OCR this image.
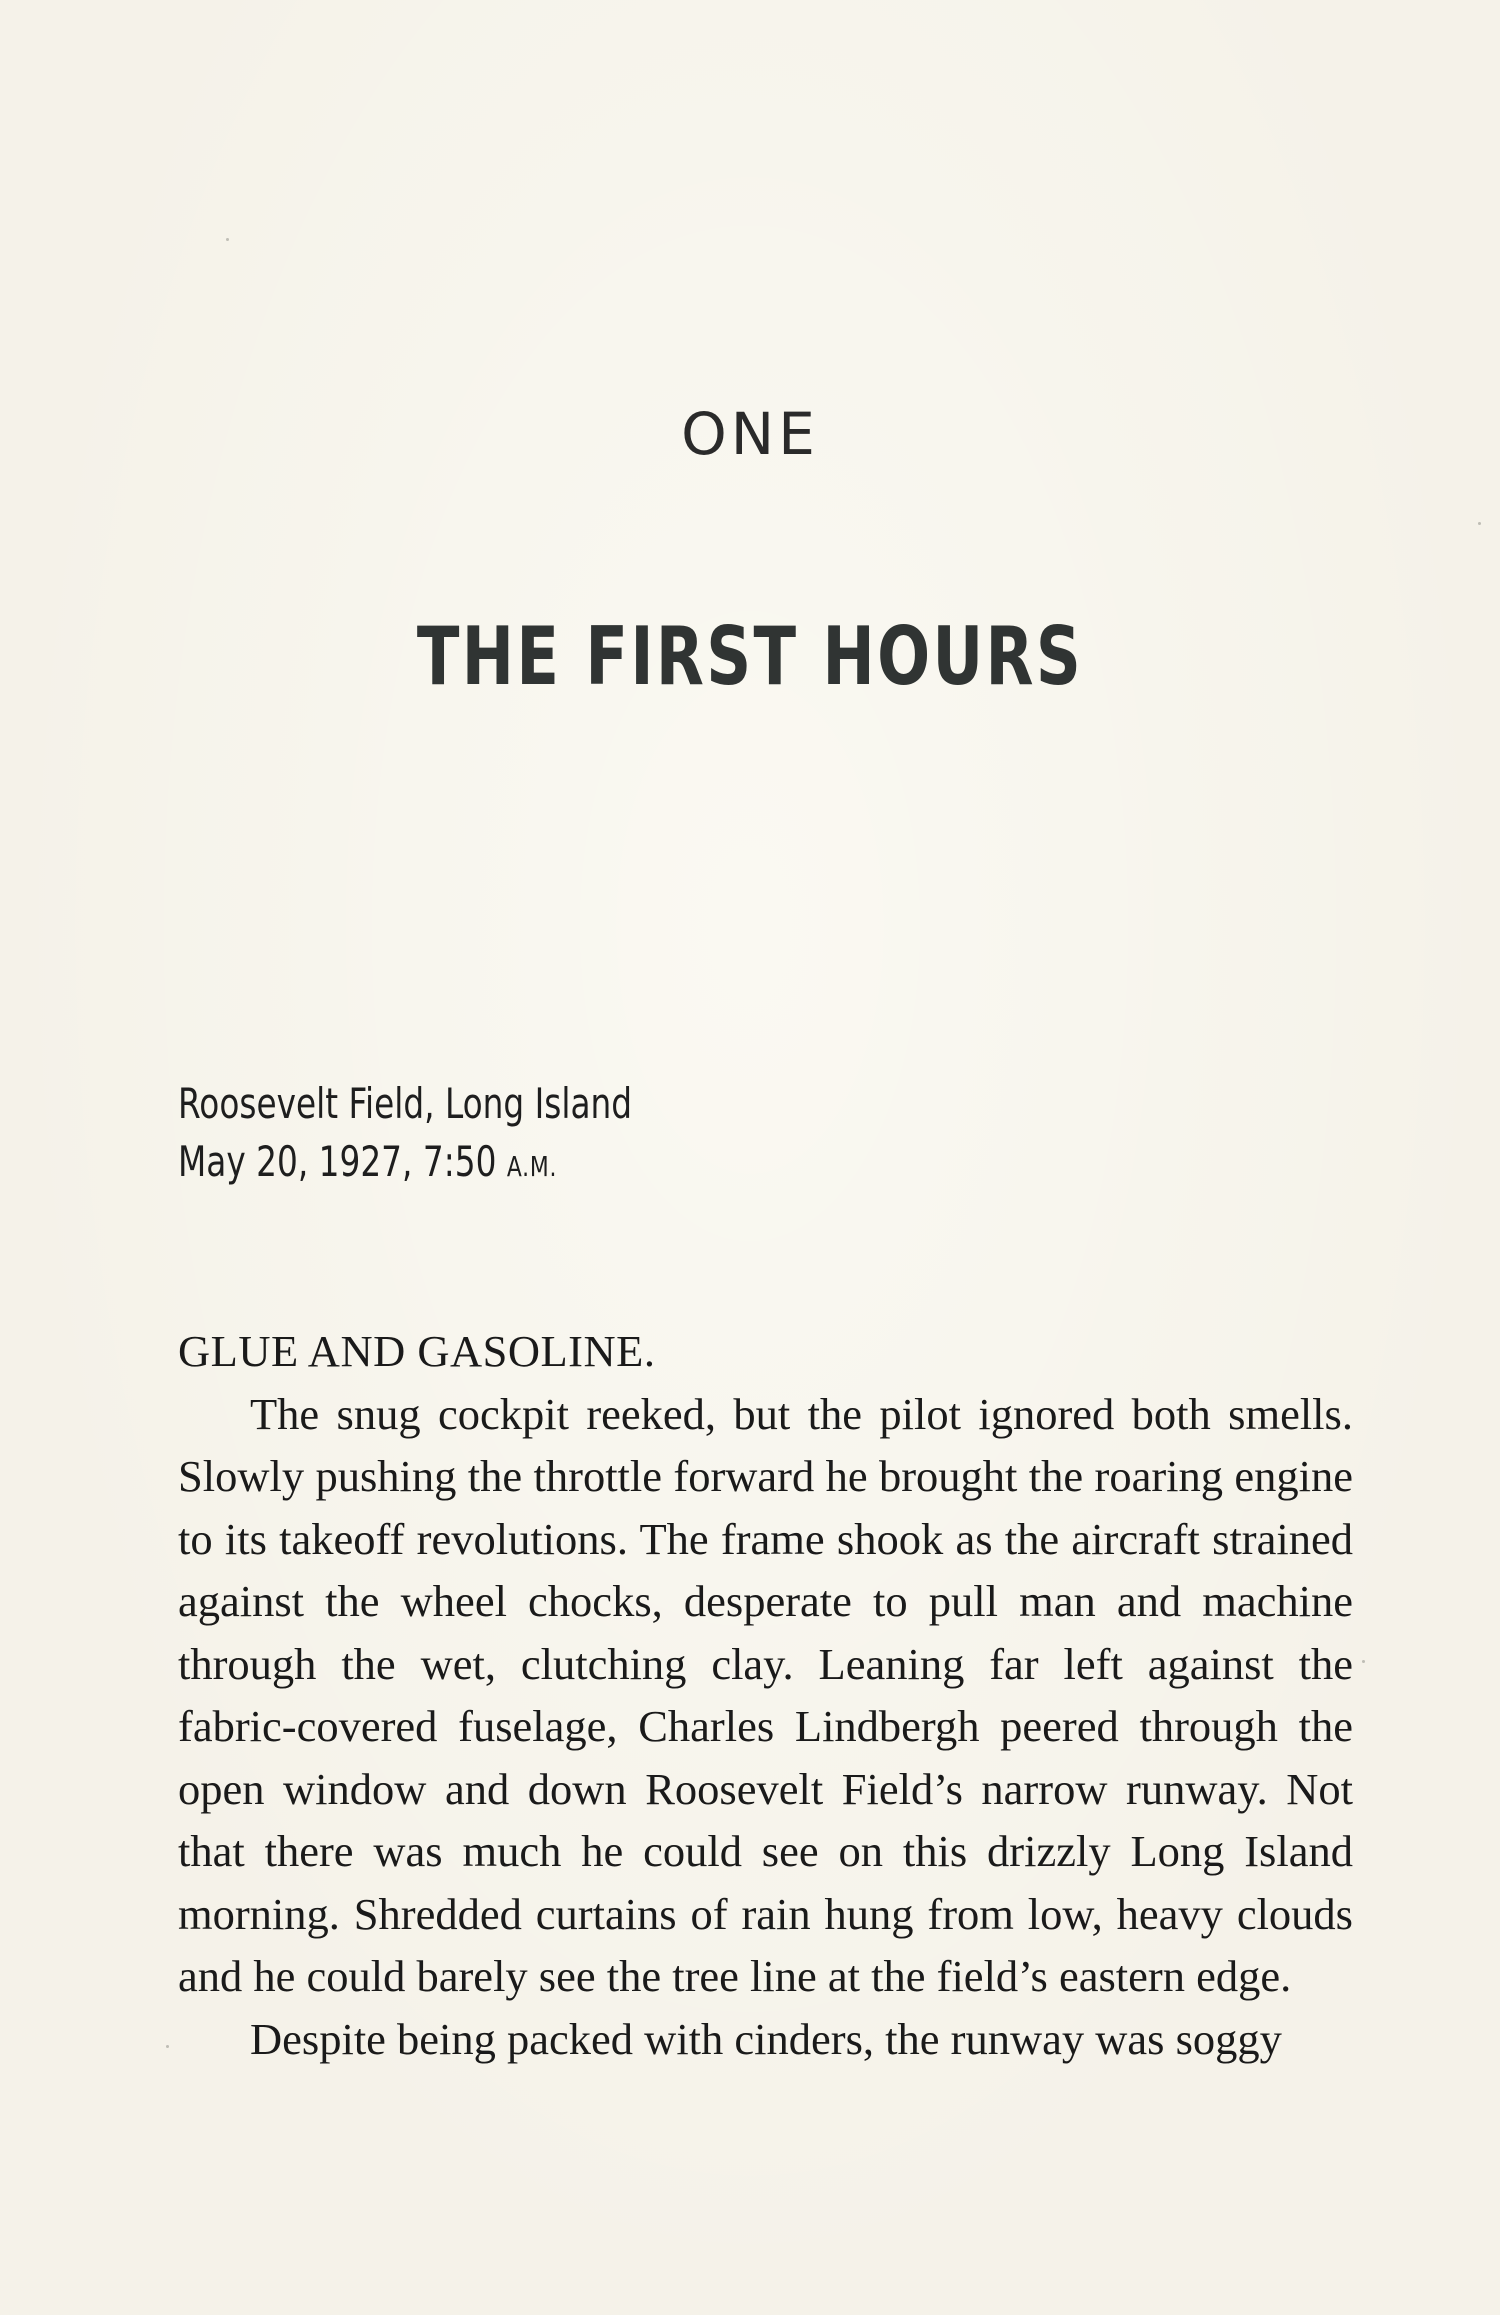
ONE
THE FIRST HOURS
Roosevelt Field, Long Island
May 20, 1927, 7:50 A.M.

GLUE AND GASOLINE.

The snug cockpit reeked, but the pilot ignored both smells. Slowly pushing the throttle forward he brought the roaring engine to its takeoff revolutions. The frame shook as the aircraft strained against the wheel chocks, desperate to pull man and machine through the wet, clutching clay. Leaning far left against the fabric-covered fuselage, Charles Lindbergh peered through the open window and down Roosevelt Field’s narrow runway. Not that there was much he could see on this drizzly Long Island morning. Shredded curtains of rain hung from low, heavy clouds and he could barely see the tree line at the field’s eastern edge.

Despite being packed with cinders, the runway was soggy
